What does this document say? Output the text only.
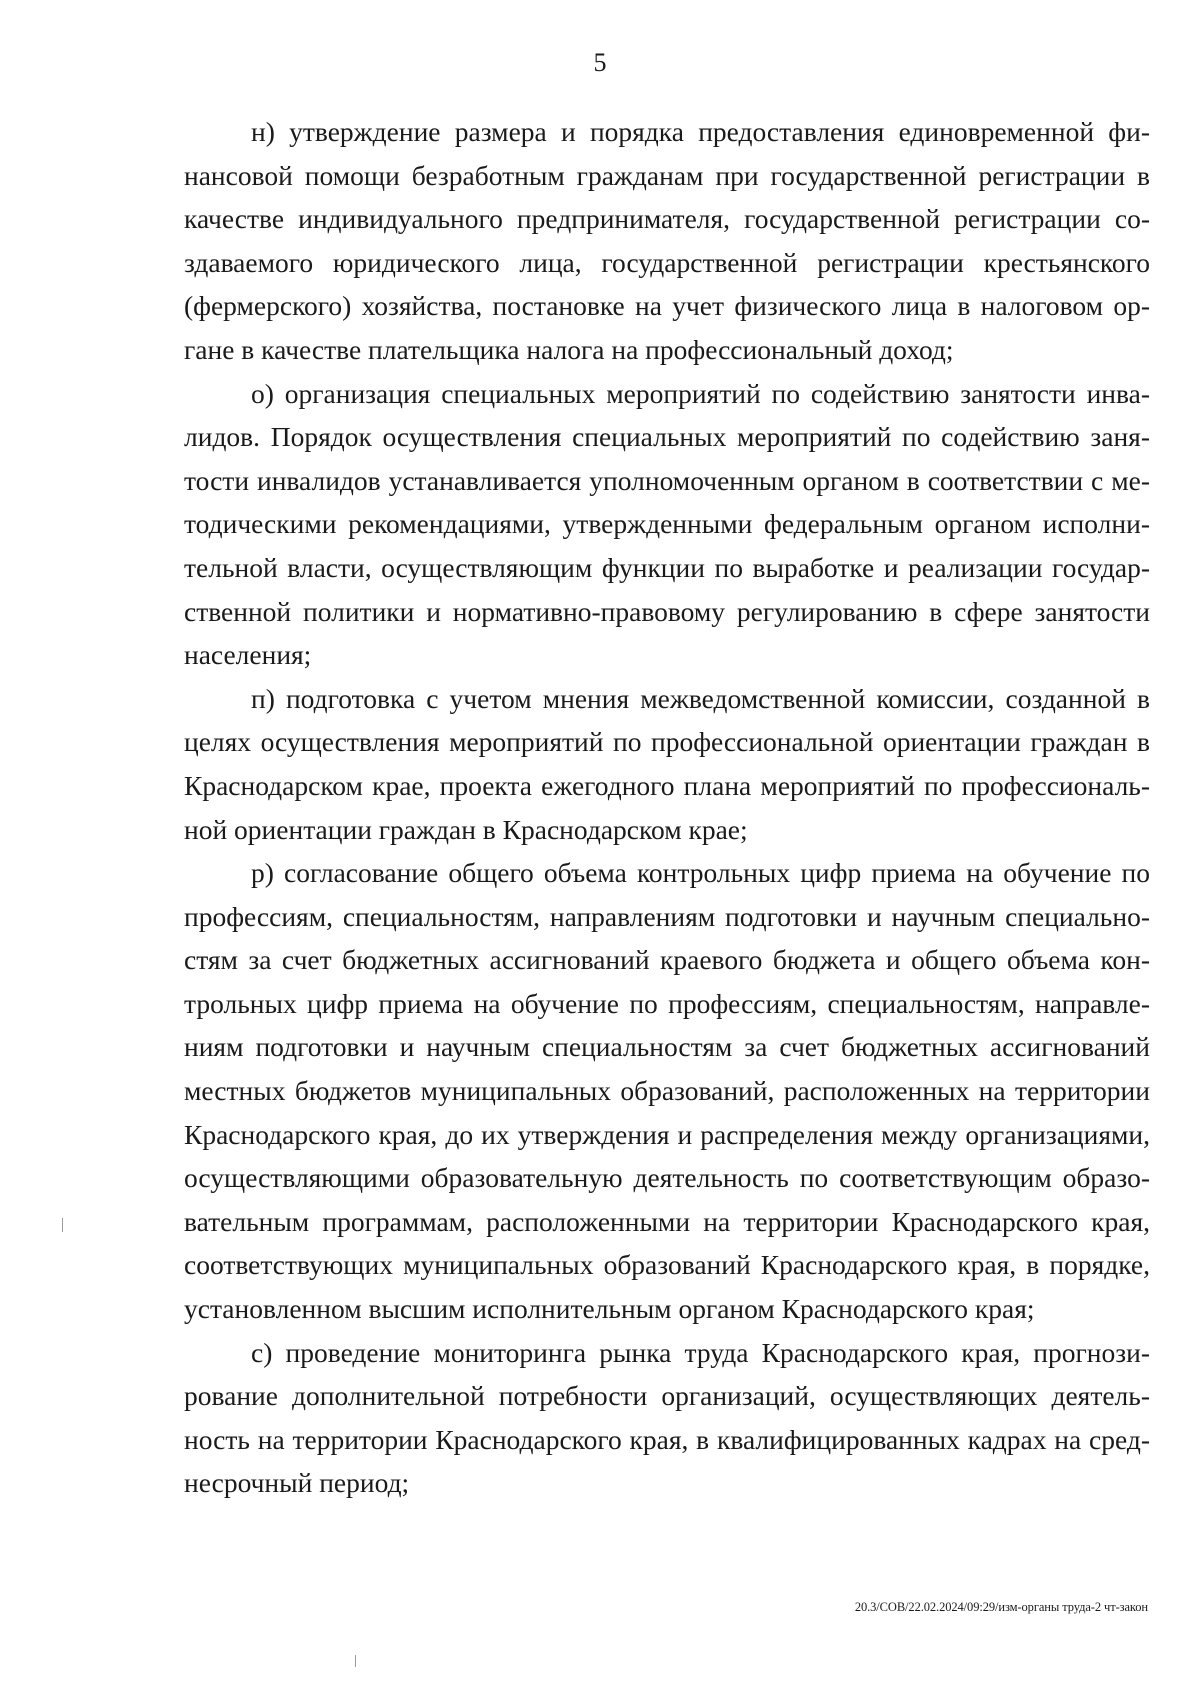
5

н) утверждение размера и порядка предоставления единовременной финансовой помощи безработным гражданам при государственной регистрации в качестве индивидуального предпринимателя, государственной регистрации создаваемого юридического лица, государственной регистрации крестьянского (фермерского) хозяйства, постановке на учет физического лица в налоговом органе в качестве плательщика налога на профессиональный доход;

о) организация специальных мероприятий по содействию занятости инвалидов. Порядок осуществления специальных мероприятий по содействию занятости инвалидов устанавливается уполномоченным органом в соответствии с методическими рекомендациями, утвержденными федеральным органом исполнительной власти, осуществляющим функции по выработке и реализации государственной политики и нормативно-правовому регулированию в сфере занятости населения;

п) подготовка с учетом мнения межведомственной комиссии, созданной в целях осуществления мероприятий по профессиональной ориентации граждан в Краснодарском крае, проекта ежегодного плана мероприятий по профессиональной ориентации граждан в Краснодарском крае;

р) согласование общего объема контрольных цифр приема на обучение по профессиям, специальностям, направлениям подготовки и научным специальностям за счет бюджетных ассигнований краевого бюджета и общего объема контрольных цифр приема на обучение по профессиям, специальностям, направлениям подготовки и научным специальностям за счет бюджетных ассигнований местных бюджетов муниципальных образований, расположенных на территории Краснодарского края, до их утверждения и распределения между организациями, осуществляющими образовательную деятельность по соответствующим образовательным программам, расположенными на территории Краснодарского края, соответствующих муниципальных образований Краснодарского края, в порядке, установленном высшим исполнительным органом Краснодарского края;

с) проведение мониторинга рынка труда Краснодарского края, прогнозирование дополнительной потребности организаций, осуществляющих деятельность на территории Краснодарского края, в квалифицированных кадрах на среднесрочный период;

20.3/СОВ/22.02.2024/09:29/изм-органы труда-2 чт-закон
